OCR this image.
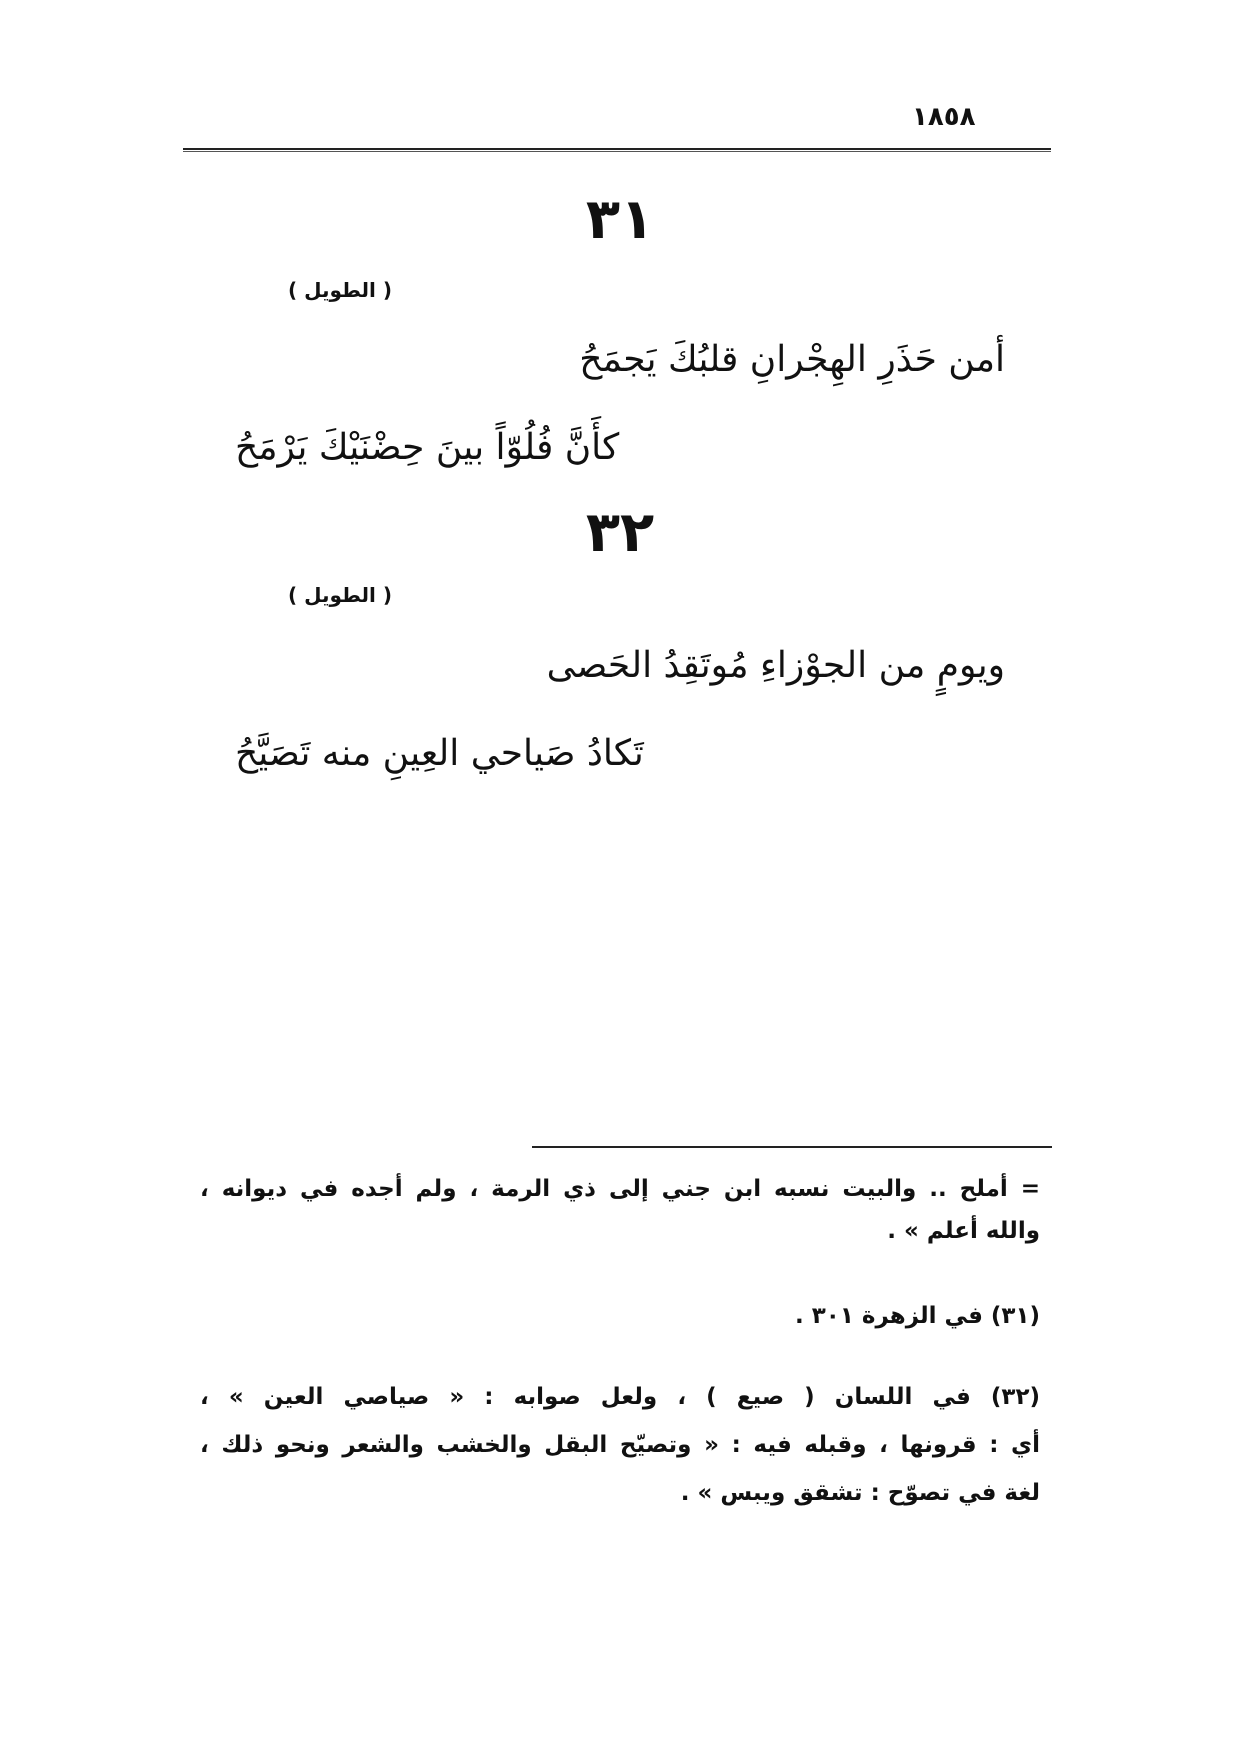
١٨٥٨
٣١
( الطويل )
أمن حَذَرِ الهِجْرانِ قلبُكَ يَجمَحُ
كأَنَّ فُلُوّاً بينَ حِضْنَيْكَ يَرْمَحُ
٣٢
( الطويل )
ويومٍ من الجوْزاءِ مُوتَقِدُ الحَصى
تَكادُ صَياحي العِينِ منه تَصَيَّحُ
= أملح .. والبيت نسبه ابن جني إلى ذي الرمة ، ولم أجده في ديوانه ،
والله أعلم » .
(٣١) في الزهرة ٣٠١ .
(٣٢) في اللسان ( صيع ) ، ولعل صوابه : « صياصي العين » ،
أي : قرونها ، وقبله فيه : « وتصيّح البقل والخشب والشعر ونحو ذلك ،
لغة في تصوّح : تشقق ويبس » .
